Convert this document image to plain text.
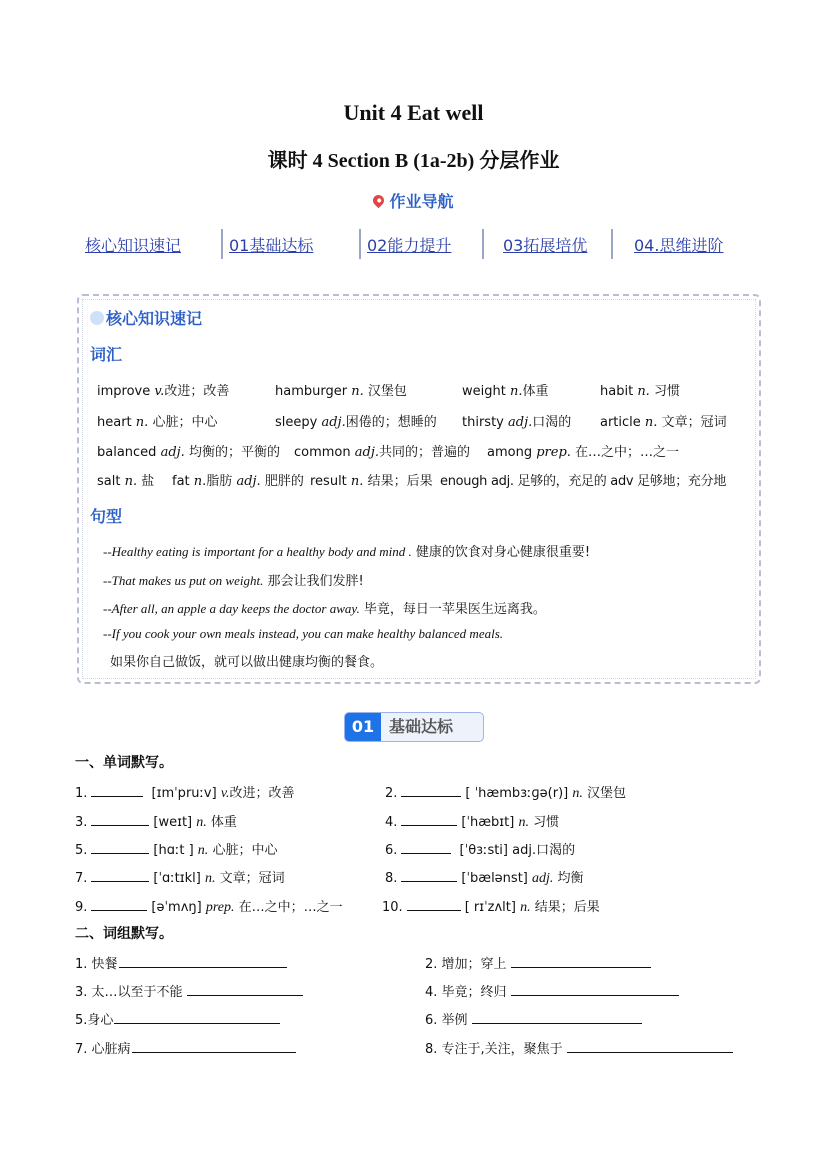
Unit 4 Eat well
课时 4 Section B (1a-2b) 分层作业
作业导航
核心知识速记	01基础达标	02能力提升	03拓展培优	04.思维进阶
核心知识速记
词汇
improve v.改进；改善	hamburger n. 汉堡包	weight n.体重	habit n. 习惯
heart n. 心脏；中心	sleepy adj.困倦的；想睡的 thirsty adj.口渴的 article n. 文章；冠词
balanced adj. 均衡的；平衡的 common adj.共同的；普遍的 among prep. 在…之中；…之一
salt n. 盐 fat n.脂肪 adj. 肥胖的 result n. 结果；后果 enough adj. 足够的，充足的 adv 足够地；充分地
句型
--Healthy eating is important for a healthy body and mind . 健康的饮食对身心健康很重要!
--That makes us put on weight. 那会让我们发胖!
--After all, an apple a day keeps the doctor away. 毕竟，每日一苹果医生远离我。
--If you cook your own meals instead, you can make healthy balanced meals.
如果你自己做饭，就可以做出健康均衡的餐食。
01 基础达标
一、单词默写。
1.	[ɪmˈpruːv] v.改进；改善	2.	[ ˈhæmbɜːɡə(r)] n. 汉堡包
3.	[weɪt] n. 体重	4.	[ˈhæbɪt] n. 习惯
5.	[hɑːt ] n. 心脏；中心	6.	[ˈθɜːsti] adj.口渴的
7.	[ˈɑːtɪkl] n. 文章；冠词	8.	[ˈbælənst] adj. 均衡
9.	[əˈmʌŋ] prep. 在…之中；…之一	10.	[ rɪˈzʌlt] n. 结果；后果
二、词组默写。
1. 快餐	2. 增加；穿上
3. 太…以至于不能	4. 毕竟；终归
5.身心	6. 举例
7. 心脏病	8. 专注于,关注，聚焦于
